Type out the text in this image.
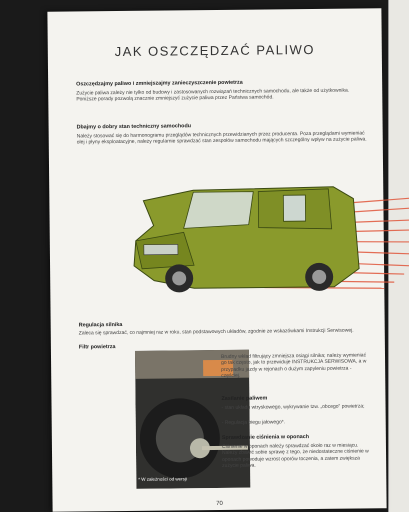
JAK OSZCZĘDZAĆ PALIWO
Oszczędzajmy paliwo i zmniejszajmy zanieczyszczenie powietrza
Zużycie paliwa zależy nie tylko od budowy i zastosowanych rozwiązań technicznych samochodu, ale także od użytkownika. Poniższe porady pozwolą znacznie zmniejszyć zużycie paliwa przez Państwa samochód.
Dbajmy o dobry stan techniczny samochodu
Należy stosować się do harmonogramu przeglądów technicznych przewidzianych przez producenta. Poza przeglądami wymieniać olej i płyny eksploatacyjne, należy regularnie sprawdzać stan zespołów samochodu mających szczególny wpływ na zużycie paliwa.
Regulacja silnika
Zaleca się sprawdzać, co najmniej raz w roku, stan podstawowych układów, zgodnie ze wskazówkami Instrukcji Serwisowej.
Filtr powietrza
Brudny wkład filtrujący zmniejsza osiągi silnika; należy wymieniać go tak często, jak to przewiduje INSTRUKCJA SERWISOWA, a w przypadku jazdy w rejonach o dużym zapyleniu powietrza - częściej.
Zasilanie paliwem
- stan układu wtryskowego, wykrywanie tzw. „obcego" powietrza;
- Regulacja biegu jałowego*.
Sprawdzanie ciśnienia w oponach
Ciśnienie w oponach należy sprawdzać około raz w miesiącu. Należy zbawić sobie sprawę z tego, że niedostateczne ciśnienie w oponach powoduje wzrost oporów toczenia, a zatem zwiększa zużycie paliwa.
* W zależności od wersji
70
